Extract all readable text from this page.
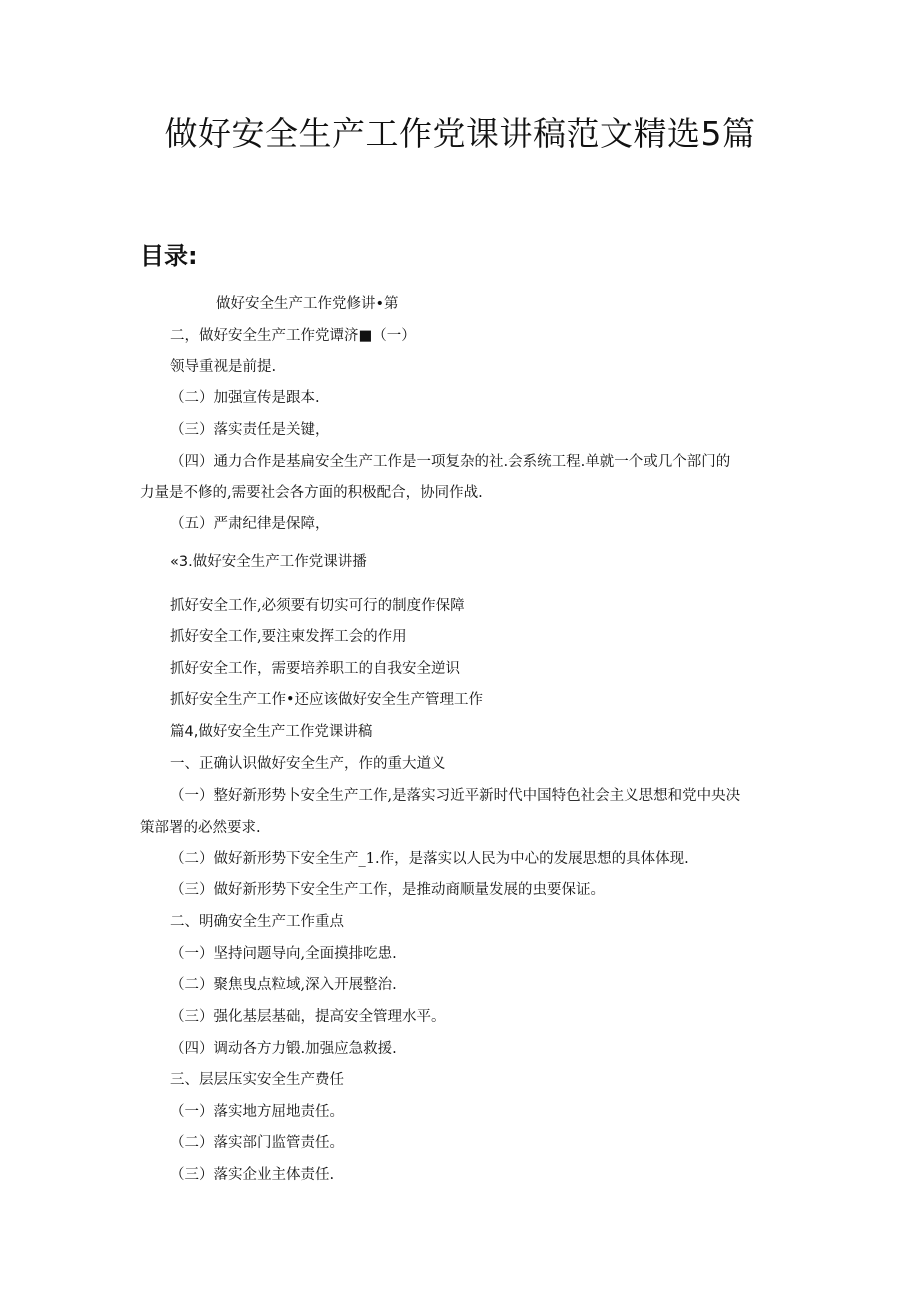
做好安全生产工作党课讲稿范文精选5篇
目录:

做好安全生产工作党修讲•第

二，做好安全生产工作党谭济■（一）

领导重视是前提.

（二）加强宣传是跟本.

（三）落实责任是关键，

（四）通力合作是基扁安全生产工作是一项复杂的社.会系统工程.单就一个或几个部门的

力量是不修的,需要社会各方面的积极配合，协同作战.

（五）严肃纪律是保障，

«3.做好安全生产工作党课讲播

抓好安全工作,必须要有切实可行的制度作保障

抓好安全工作,要注柬发挥工会的作用

抓好安全工作，需要培养职工的自我安全逆识

抓好安全生产工作•还应该做好安全生产管理工作

篇4,做好安全生产工作党课讲稿

一、正确认识做好安全生产，作的重大道义

（一）整好新形势卜安全生产工作,是落实习近平新时代中国特色社会主义思想和党中央决

策部署的必然要求.

（二）做好新形势下安全生产_1.作，是落实以人民为中心的发展思想的具体体现.

（三）做好新形势下安全生产工作，是推动商顺量发展的虫要保证。

二、明确安全生产工作重点

（一）坚持问题导向,全面摸排吃患.

（二）聚焦曳点粒域,深入开展整治.

（三）强化基层基础，提高安全管理水平。

（四）调动各方力锻.加强应急救援.

三、层层压实安全生产费任

（一）落实地方屈地责任。

（二）落实部门监管责任。

（三）落实企业主体责任.
